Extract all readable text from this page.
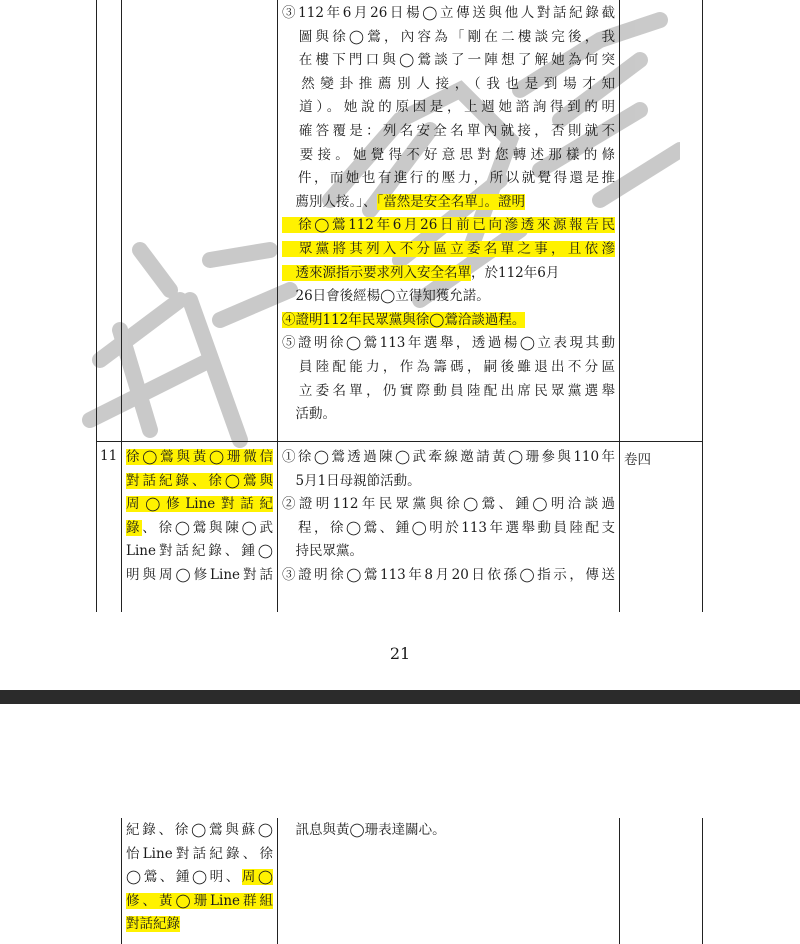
③112年6月26日楊◯立傳送與他人對話紀錄截
　圖與徐◯鶯，內容為「剛在二樓談完後，我
　在樓下門口與◯鶯談了一陣想了解她為何突
　然變卦推薦別人接，（我也是到場才知
　道）。她說的原因是，上週她諮詢得到的明
　確答覆是：列名安全名單內就接，否則就不
　要接。她覺得不好意思對您轉述那樣的條
　件，而她也有進行的壓力，所以就覺得還是推
　薦別人接。」、「當然是安全名單」。證明
　徐◯鶯112年6月26日前已向滲透來源報告民
　眾黨將其列入不分區立委名單之事，且依滲
　透來源指示要求列入安全名單，於112年6月
　26日會後經楊◯立得知獲允諾。
④證明112年民眾黨與徐◯鶯洽談過程。
⑤證明徐◯鶯113年選舉，透過楊◯立表現其動
　員陸配能力，作為籌碼，嗣後雖退出不分區
　立委名單，仍實際動員陸配出席民眾黨選舉
　活動。
11 徐◯鶯與黃◯珊微信
對話紀錄、徐◯鶯與
周◯修Line對話紀
錄、徐◯鶯與陳◯武
Line對話紀錄、鍾◯
明與周◯修Line對話
①徐◯鶯透過陳◯武牽線邀請黃◯珊參與110年
　5月1日母親節活動。
②證明112年民眾黨與徐◯鶯、鍾◯明洽談過
　程，徐◯鶯、鍾◯明於113年選舉動員陸配支
　持民眾黨。
③證明徐◯鶯113年8月20日依孫◯指示，傳送
卷四
21
紀錄、徐◯鶯與蘇◯
怡Line對話紀錄、徐
◯鶯、鍾◯明、周◯
修、黃◯珊Line群組
對話紀錄
　訊息與黃◯珊表達關心。
